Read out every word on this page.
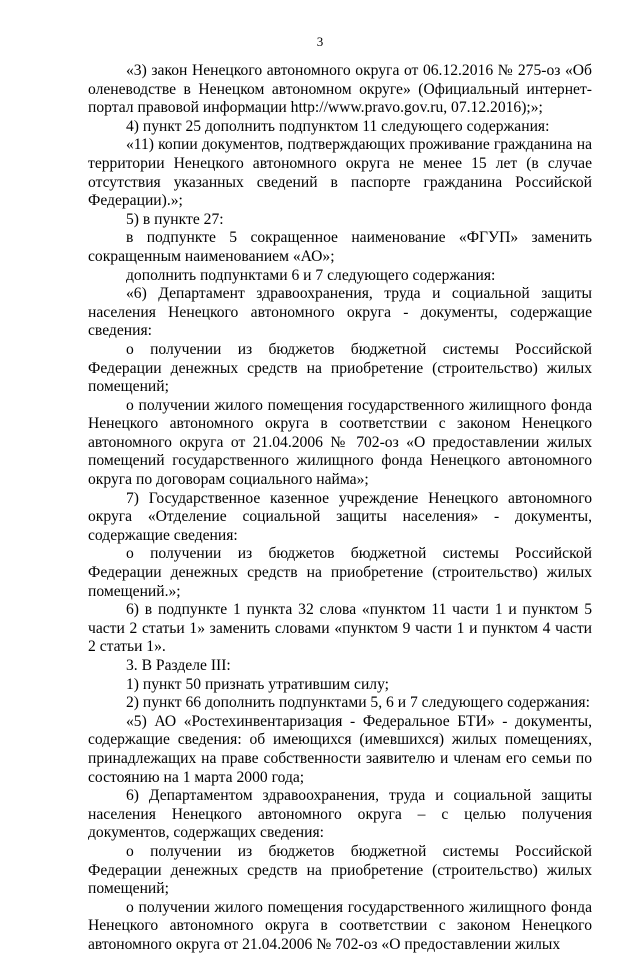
3

«3) закон Ненецкого автономного округа от 06.12.2016 № 275-оз «Об оленеводстве в Ненецком автономном округе» (Официальный интернет-портал правовой информации http://www.pravo.gov.ru, 07.12.2016);»;

4) пункт 25 дополнить подпунктом 11 следующего содержания:

«11) копии документов, подтверждающих проживание гражданина на территории Ненецкого автономного округа не менее 15 лет (в случае отсутствия указанных сведений в паспорте гражданина Российской Федерации).»;

5) в пункте 27:

в подпункте 5 сокращенное наименование «ФГУП» заменить сокращенным наименованием «АО»;

дополнить подпунктами 6 и 7 следующего содержания:

«6) Департамент здравоохранения, труда и социальной защиты населения Ненецкого автономного округа - документы, содержащие сведения:

о получении из бюджетов бюджетной системы Российской Федерации денежных средств на приобретение (строительство) жилых помещений;

о получении жилого помещения государственного жилищного фонда Ненецкого автономного округа в соответствии с законом Ненецкого автономного округа от 21.04.2006 № 702-оз «О предоставлении жилых помещений государственного жилищного фонда Ненецкого автономного округа по договорам социального найма»;

7) Государственное казенное учреждение Ненецкого автономного округа «Отделение социальной защиты населения» - документы, содержащие сведения:

о получении из бюджетов бюджетной системы Российской Федерации денежных средств на приобретение (строительство) жилых помещений.»;

6) в подпункте 1 пункта 32 слова «пунктом 11 части 1 и пунктом 5 части 2 статьи 1» заменить словами «пунктом 9 части 1 и пунктом 4 части 2 статьи 1».

3. В Разделе III:

1) пункт 50 признать утратившим силу;

2) пункт 66 дополнить подпунктами 5, 6 и 7 следующего содержания:

«5) АО «Ростехинвентаризация - Федеральное БТИ» - документы, содержащие сведения: об имеющихся (имевшихся) жилых помещениях, принадлежащих на праве собственности заявителю и членам его семьи по состоянию на 1 марта 2000 года;

6) Департаментом здравоохранения, труда и социальной защиты населения Ненецкого автономного округа – с целью получения документов, содержащих сведения:

о получении из бюджетов бюджетной системы Российской Федерации денежных средств на приобретение (строительство) жилых помещений;

о получении жилого помещения государственного жилищного фонда Ненецкого автономного округа в соответствии с законом Ненецкого автономного округа от 21.04.2006 № 702-оз «О предоставлении жилых
